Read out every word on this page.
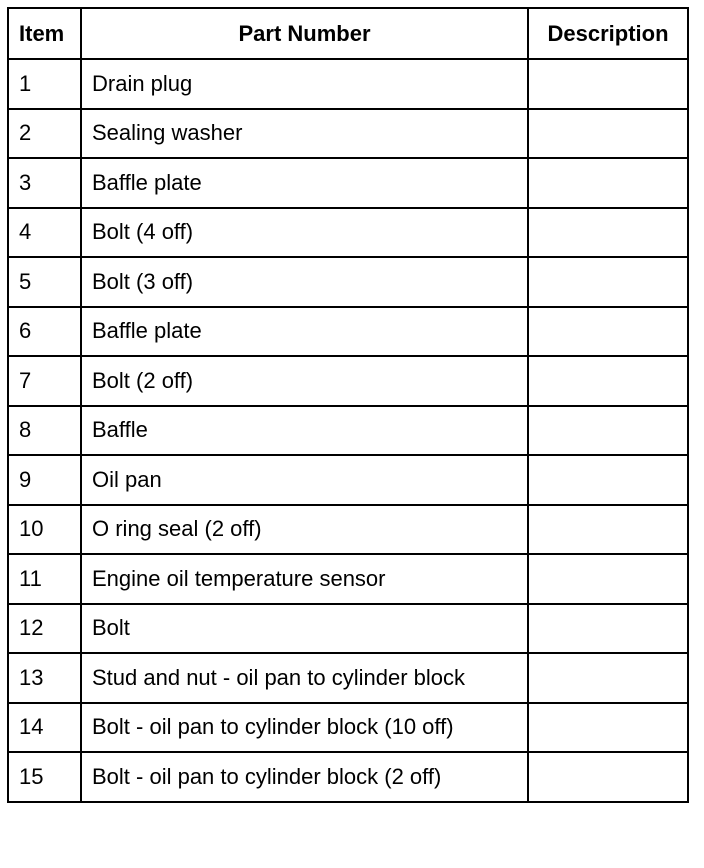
Item	Part Number	Description
1	Drain plug	
2	Sealing washer	
3	Baffle plate	
4	Bolt (4 off)	
5	Bolt (3 off)	
6	Baffle plate	
7	Bolt (2 off)	
8	Baffle	
9	Oil pan	
10	O ring seal (2 off)	
11	Engine oil temperature sensor	
12	Bolt	
13	Stud and nut - oil pan to cylinder block	
14	Bolt - oil pan to cylinder block (10 off)	
15	Bolt - oil pan to cylinder block (2 off)	
